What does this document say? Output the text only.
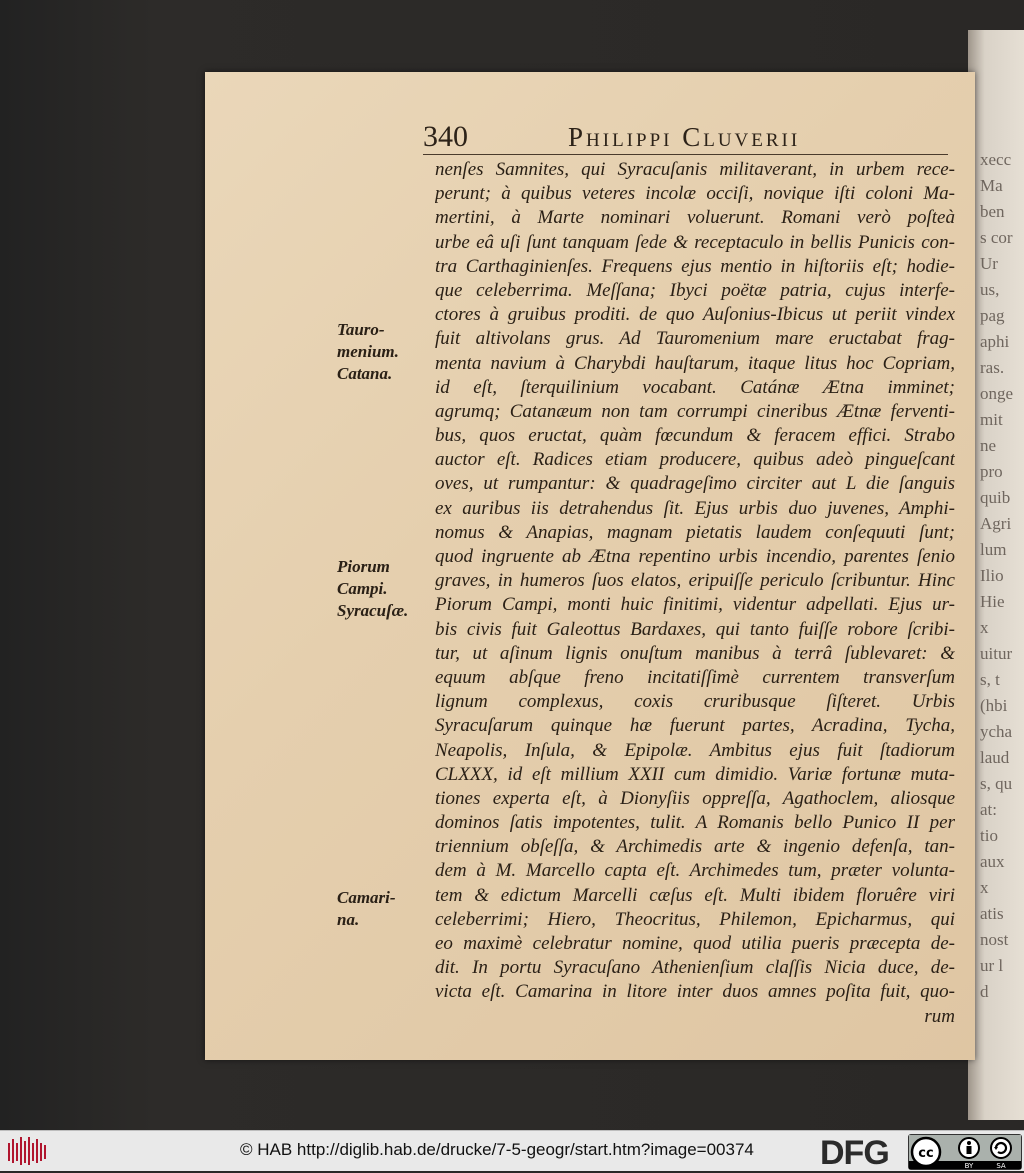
xecc
Ma
ben
s cor
Ur
us,
pag
aphi
ras.
onge
mit
ne
pro
quib
Agri
lum
Ilio
Hie
x
uitur
s, t
(hbi
ycha
laud
s, qu
at:
tio
aux
x
atis
nost
ur l
d
340	Philippi Cluverii
nenſes Samnites, qui Syracuſanis militaverant, in urbem rece-
perunt; à quibus veteres incolæ occiſi, novique iſti coloni Ma-
mertini, à Marte nominari voluerunt. Romani verò poſteà
urbe eâ uſi ſunt tanquam ſede & receptaculo in bellis Punicis con-
tra Carthaginienſes. Frequens ejus mentio in hiſtoriis eſt; hodie-
que celeberrima. Meſſana; Ibyci poëtæ patria, cujus interfe-
ctores à gruibus proditi. de quo Auſonius-Ibicus ut periit vindex
fuit altivolans grus. Ad Tauromenium mare eructabat frag-
menta navium à Charybdi hauſtarum, itaque litus hoc Copriam,
id eſt, ſterquilinium vocabant. Catánæ Ætna imminet;
agrumq; Catanæum non tam corrumpi cineribus Ætnæ ferventi-
bus, quos eructat, quàm fœcundum & feracem effici. Strabo
auctor eſt. Radices etiam producere, quibus adeò pingueſcant
oves, ut rumpantur: & quadrageſimo circiter aut L die ſanguis
ex auribus iis detrahendus ſit. Ejus urbis duo juvenes, Amphi-
nomus & Anapias, magnam pietatis laudem conſequuti ſunt;
quod ingruente ab Ætna repentino urbis incendio, parentes ſenio
graves, in humeros ſuos elatos, eripuiſſe periculo ſcribuntur. Hinc
Piorum Campi, monti huic finitimi, videntur adpellati. Ejus ur-
bis civis fuit Galeottus Bardaxes, qui tanto fuiſſe robore ſcribi-
tur, ut aſinum lignis onuſtum manibus à terrâ ſublevaret: &
equum abſque freno incitatiſſimè currentem transverſum
lignum complexus, coxis cruribusque ſiſteret. Urbis
Syracuſarum quinque hæ fuerunt partes, Acradina, Tycha,
Neapolis, Inſula, & Epipolæ. Ambitus ejus fuit ſtadiorum
CLXXX, id eſt millium XXII cum dimidio. Variæ fortunæ muta-
tiones experta eſt, à Dionyſiis oppreſſa, Agathoclem, aliosque
dominos ſatis impotentes, tulit. A Romanis bello Punico II per
triennium obſeſſa, & Archimedis arte & ingenio defenſa, tan-
dem à M. Marcello capta eſt. Archimedes tum, præter volunta-
tem & edictum Marcelli cæſus eſt. Multi ibidem floruêre viri
celeberrimi; Hiero, Theocritus, Philemon, Epicharmus, qui
eo maximè celebratur nomine, quod utilia pueris præcepta de-
dit. In portu Syracuſano Athenienſium claſſis Nicia duce, de-
victa eſt. Camarina in litore inter duos amnes poſita fuit, quo-
rum
Tauro-
menium.
Catana.
Piorum
Campi.
Syracuſæ.
Camari-
na.
© HAB http://diglib.hab.de/drucke/7-5-geogr/start.htm?image=00374 DFG cc
BY	SA
